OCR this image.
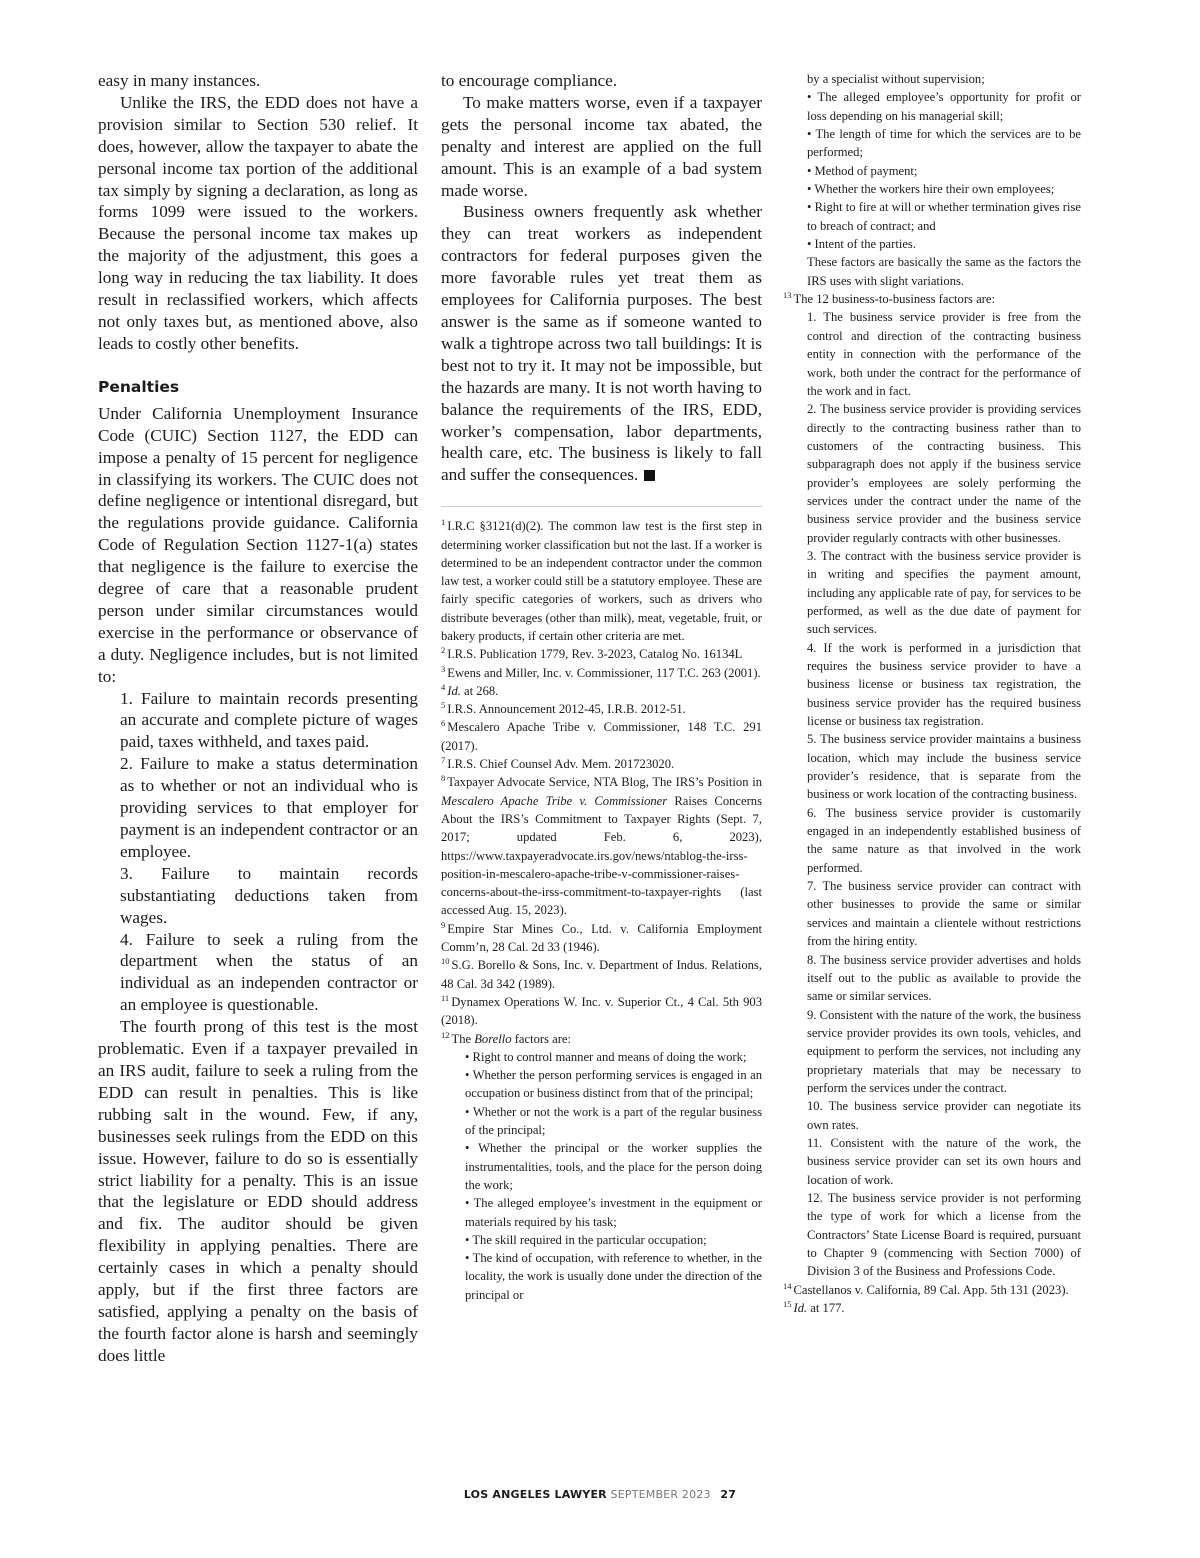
easy in many instances.

Unlike the IRS, the EDD does not have a provision similar to Section 530 relief. It does, however, allow the taxpayer to abate the personal income tax portion of the additional tax simply by signing a declaration, as long as forms 1099 were issued to the workers. Because the personal income tax makes up the majority of the adjustment, this goes a long way in reducing the tax liability. It does result in reclassified workers, which affects not only taxes but, as mentioned above, also leads to costly other benefits.

Penalties

Under California Unemployment Insurance Code (CUIC) Section 1127, the EDD can impose a penalty of 15 percent for negligence in classifying its workers. The CUIC does not define negligence or intentional disregard, but the regulations provide guidance. California Code of Regulation Section 1127-1(a) states that negligence is the failure to exercise the degree of care that a reasonable prudent person under similar circumstances would exercise in the performance or observance of a duty. Negligence includes, but is not limited to:

1. Failure to maintain records presenting an accurate and complete picture of wages paid, taxes withheld, and taxes paid.

2. Failure to make a status determination as to whether or not an individual who is providing services to that employer for payment is an independent contractor or an employee.

3. Failure to maintain records substantiating deductions taken from wages.

4. Failure to seek a ruling from the department when the status of an individual as an independen contractor or an employee is questionable.

The fourth prong of this test is the most problematic. Even if a taxpayer prevailed in an IRS audit, failure to seek a ruling from the EDD can result in penalties. This is like rubbing salt in the wound. Few, if any, businesses seek rulings from the EDD on this issue. However, failure to do so is essentially strict liability for a penalty. This is an issue that the legislature or EDD should address and fix. The auditor should be given flexibility in applying penalties. There are certainly cases in which a penalty should apply, but if the first three factors are satisfied, applying a penalty on the basis of the fourth factor alone is harsh and seemingly does little

to encourage compliance.

To make matters worse, even if a taxpayer gets the personal income tax abated, the penalty and interest are applied on the full amount. This is an example of a bad system made worse.

Business owners frequently ask whether they can treat workers as independent contractors for federal purposes given the more favorable rules yet treat them as employees for California purposes. The best answer is the same as if someone wanted to walk a tightrope across two tall buildings: It is best not to try it. It may not be impossible, but the hazards are many. It is not worth having to balance the requirements of the IRS, EDD, worker’s compensation, labor departments, health care, etc. The business is likely to fall and suffer the consequences.

$^1$ I.R.C §3121(d)(2). The common law test is the first step in determining worker classification but not the last. If a worker is determined to be an independent contractor under the common law test, a worker could still be a statutory employee. These are fairly specific categories of workers, such as drivers who distribute beverages (other than milk), meat, vegetable, fruit, or bakery products, if certain other criteria are met.

$^2$ I.R.S. Publication 1779, Rev. 3-2023, Catalog No. 16134L

$^3$ Ewens and Miller, Inc. v. Commissioner, 117 T.C. 263 (2001).

$^4$ Id. at 268.

$^5$ I.R.S. Announcement 2012-45, I.R.B. 2012-51.

$^6$ Mescalero Apache Tribe v. Commissioner, 148 T.C. 291 (2017).

$^7$ I.R.S. Chief Counsel Adv. Mem. 201723020.

$^8$ Taxpayer Advocate Service, NTA Blog, The IRS’s Position in Mescalero Apache Tribe v. Commissioner Raises Concerns About the IRS’s Commitment to Taxpayer Rights (Sept. 7, 2017; updated Feb. 6, 2023), https://www.taxpayeradvocate.irs.gov/news/ntablog-the-irss-position-in-mescalero-apache-tribe-v-commissioner-raises-concerns-about-the-irss-commitment-to-taxpayer-rights (last accessed Aug. 15, 2023).

$^9$ Empire Star Mines Co., Ltd. v. California Employment Comm’n, 28 Cal. 2d 33 (1946).

$^{10}$ S.G. Borello & Sons, Inc. v. Department of Indus. Relations, 48 Cal. 3d 342 (1989).

$^{11}$ Dynamex Operations W. Inc. v. Superior Ct., 4 Cal. 5th 903 (2018).

$^{12}$ The Borello factors are:

• Right to control manner and means of doing the work;

• Whether the person performing services is engaged in an occupation or business distinct from that of the principal;

• Whether or not the work is a part of the regular business of the principal;

• Whether the principal or the worker supplies the instrumentalities, tools, and the place for the person doing the work;

• The alleged employee’s investment in the equipment or materials required by his task;

• The skill required in the particular occupation;

• The kind of occupation, with reference to whether, in the locality, the work is usually done under the direction of the principal or

by a specialist without supervision;

• The alleged employee’s opportunity for profit or loss depending on his managerial skill;

• The length of time for which the services are to be performed;

• Method of payment;

• Whether the workers hire their own employees;

• Right to fire at will or whether termination gives rise to breach of contract; and

• Intent of the parties.

These factors are basically the same as the factors the IRS uses with slight variations.

$^{13}$ The 12 business-to-business factors are:

1. The business service provider is free from the control and direction of the contracting business entity in connection with the performance of the work, both under the contract for the performance of the work and in fact.

2. The business service provider is providing services directly to the contracting business rather than to customers of the contracting business. This subparagraph does not apply if the business service provider’s employees are solely performing the services under the contract under the name of the business service provider and the business service provider regularly contracts with other businesses.

3. The contract with the business service provider is in writing and specifies the payment amount, including any applicable rate of pay, for services to be performed, as well as the due date of payment for such services.

4. If the work is performed in a jurisdiction that requires the business service provider to have a business license or business tax registration, the business service provider has the required business license or business tax registration.

5. The business service provider maintains a business location, which may include the business service provider’s residence, that is separate from the business or work location of the contracting business.

6. The business service provider is customarily engaged in an independently established business of the same nature as that involved in the work performed.

7. The business service provider can contract with other businesses to provide the same or similar services and maintain a clientele without restrictions from the hiring entity.

8. The business service provider advertises and holds itself out to the public as available to provide the same or similar services.

9. Consistent with the nature of the work, the business service provider provides its own tools, vehicles, and equipment to perform the services, not including any proprietary materials that may be necessary to perform the services under the contract.

10. The business service provider can negotiate its own rates.

11. Consistent with the nature of the work, the business service provider can set its own hours and location of work.

12. The business service provider is not performing the type of work for which a license from the Contractors’ State License Board is required, pursuant to Chapter 9 (commencing with Section 7000) of Division 3 of the Business and Professions Code.

$^{14}$ Castellanos v. California, 89 Cal. App. 5th 131 (2023).

$^{15}$ Id. at 177.

LOS ANGELES LAWYER SEPTEMBER 2023 27
